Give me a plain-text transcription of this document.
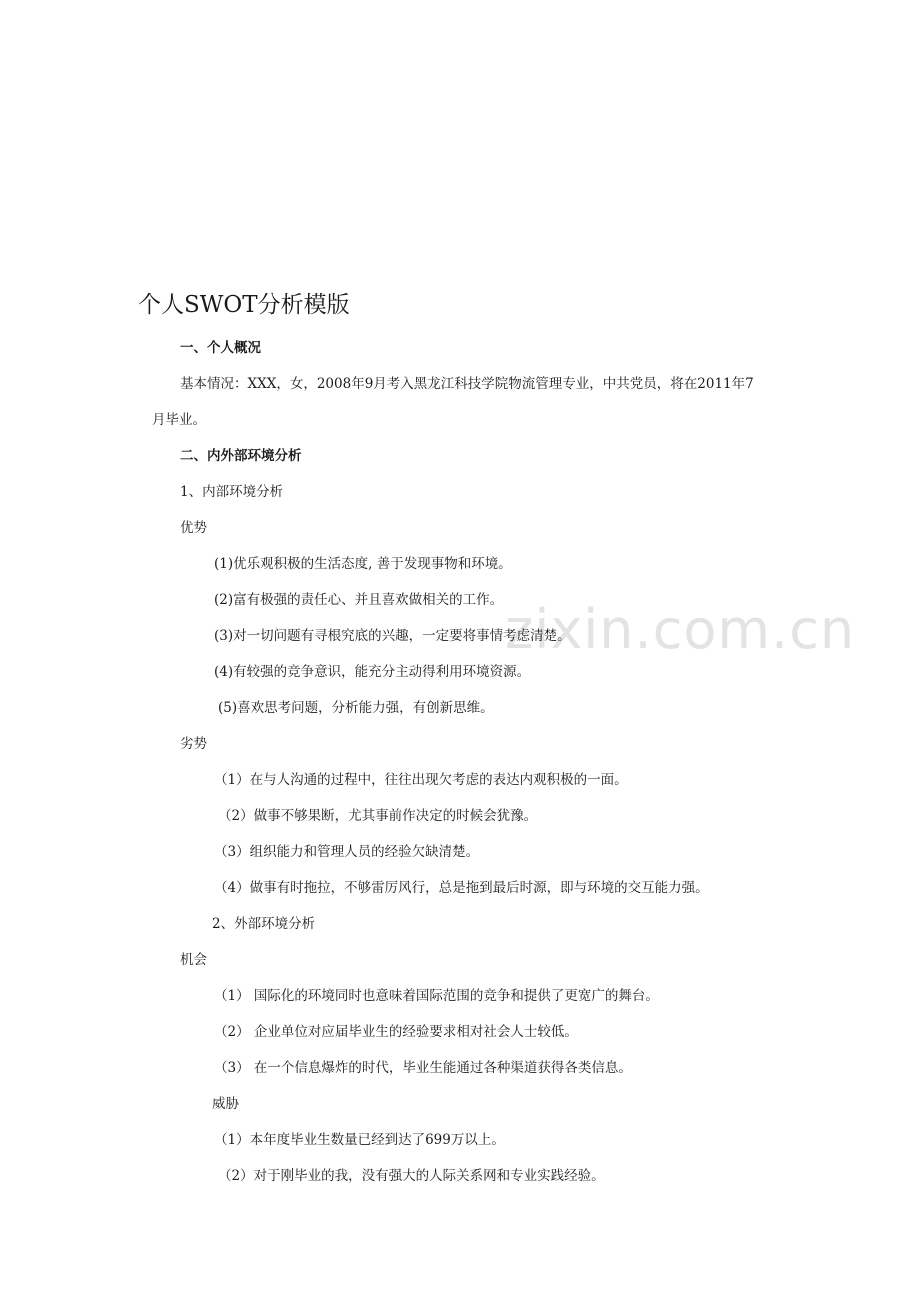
zixin.com.cn
个人SWOT分析模版
一、个人概况
基本情况：XXX，女，2008年9月考入黑龙江科技学院物流管理专业，中共党员，将在2011年7
月毕业。
二、内外部环境分析
1、内部环境分析
优势
(1)优乐观积极的生活态度, 善于发现事物和环境。
(2)富有极强的责任心、并且喜欢做相关的工作。
(3)对一切问题有寻根究底的兴趣，一定要将事情考虑清楚。
(4)有较强的竞争意识，能充分主动得利用环境资源。
(5)喜欢思考问题，分析能力强，有创新思维。
劣势
（1）在与人沟通的过程中，往往出现欠考虑的表达内观积极的一面。
（2）做事不够果断，尤其事前作决定的时候会犹豫。
（3）组织能力和管理人员的经验欠缺清楚。
（4）做事有时拖拉，不够雷厉风行，总是拖到最后时源，即与环境的交互能力强。
2、外部环境分析
机会
（1） 国际化的环境同时也意味着国际范围的竞争和提供了更宽广的舞台。
（2） 企业单位对应届毕业生的经验要求相对社会人士较低。
（3） 在一个信息爆炸的时代，毕业生能通过各种渠道获得各类信息。
威胁
（1）本年度毕业生数量已经到达了699万以上。
（2）对于刚毕业的我，没有强大的人际关系网和专业实践经验。
